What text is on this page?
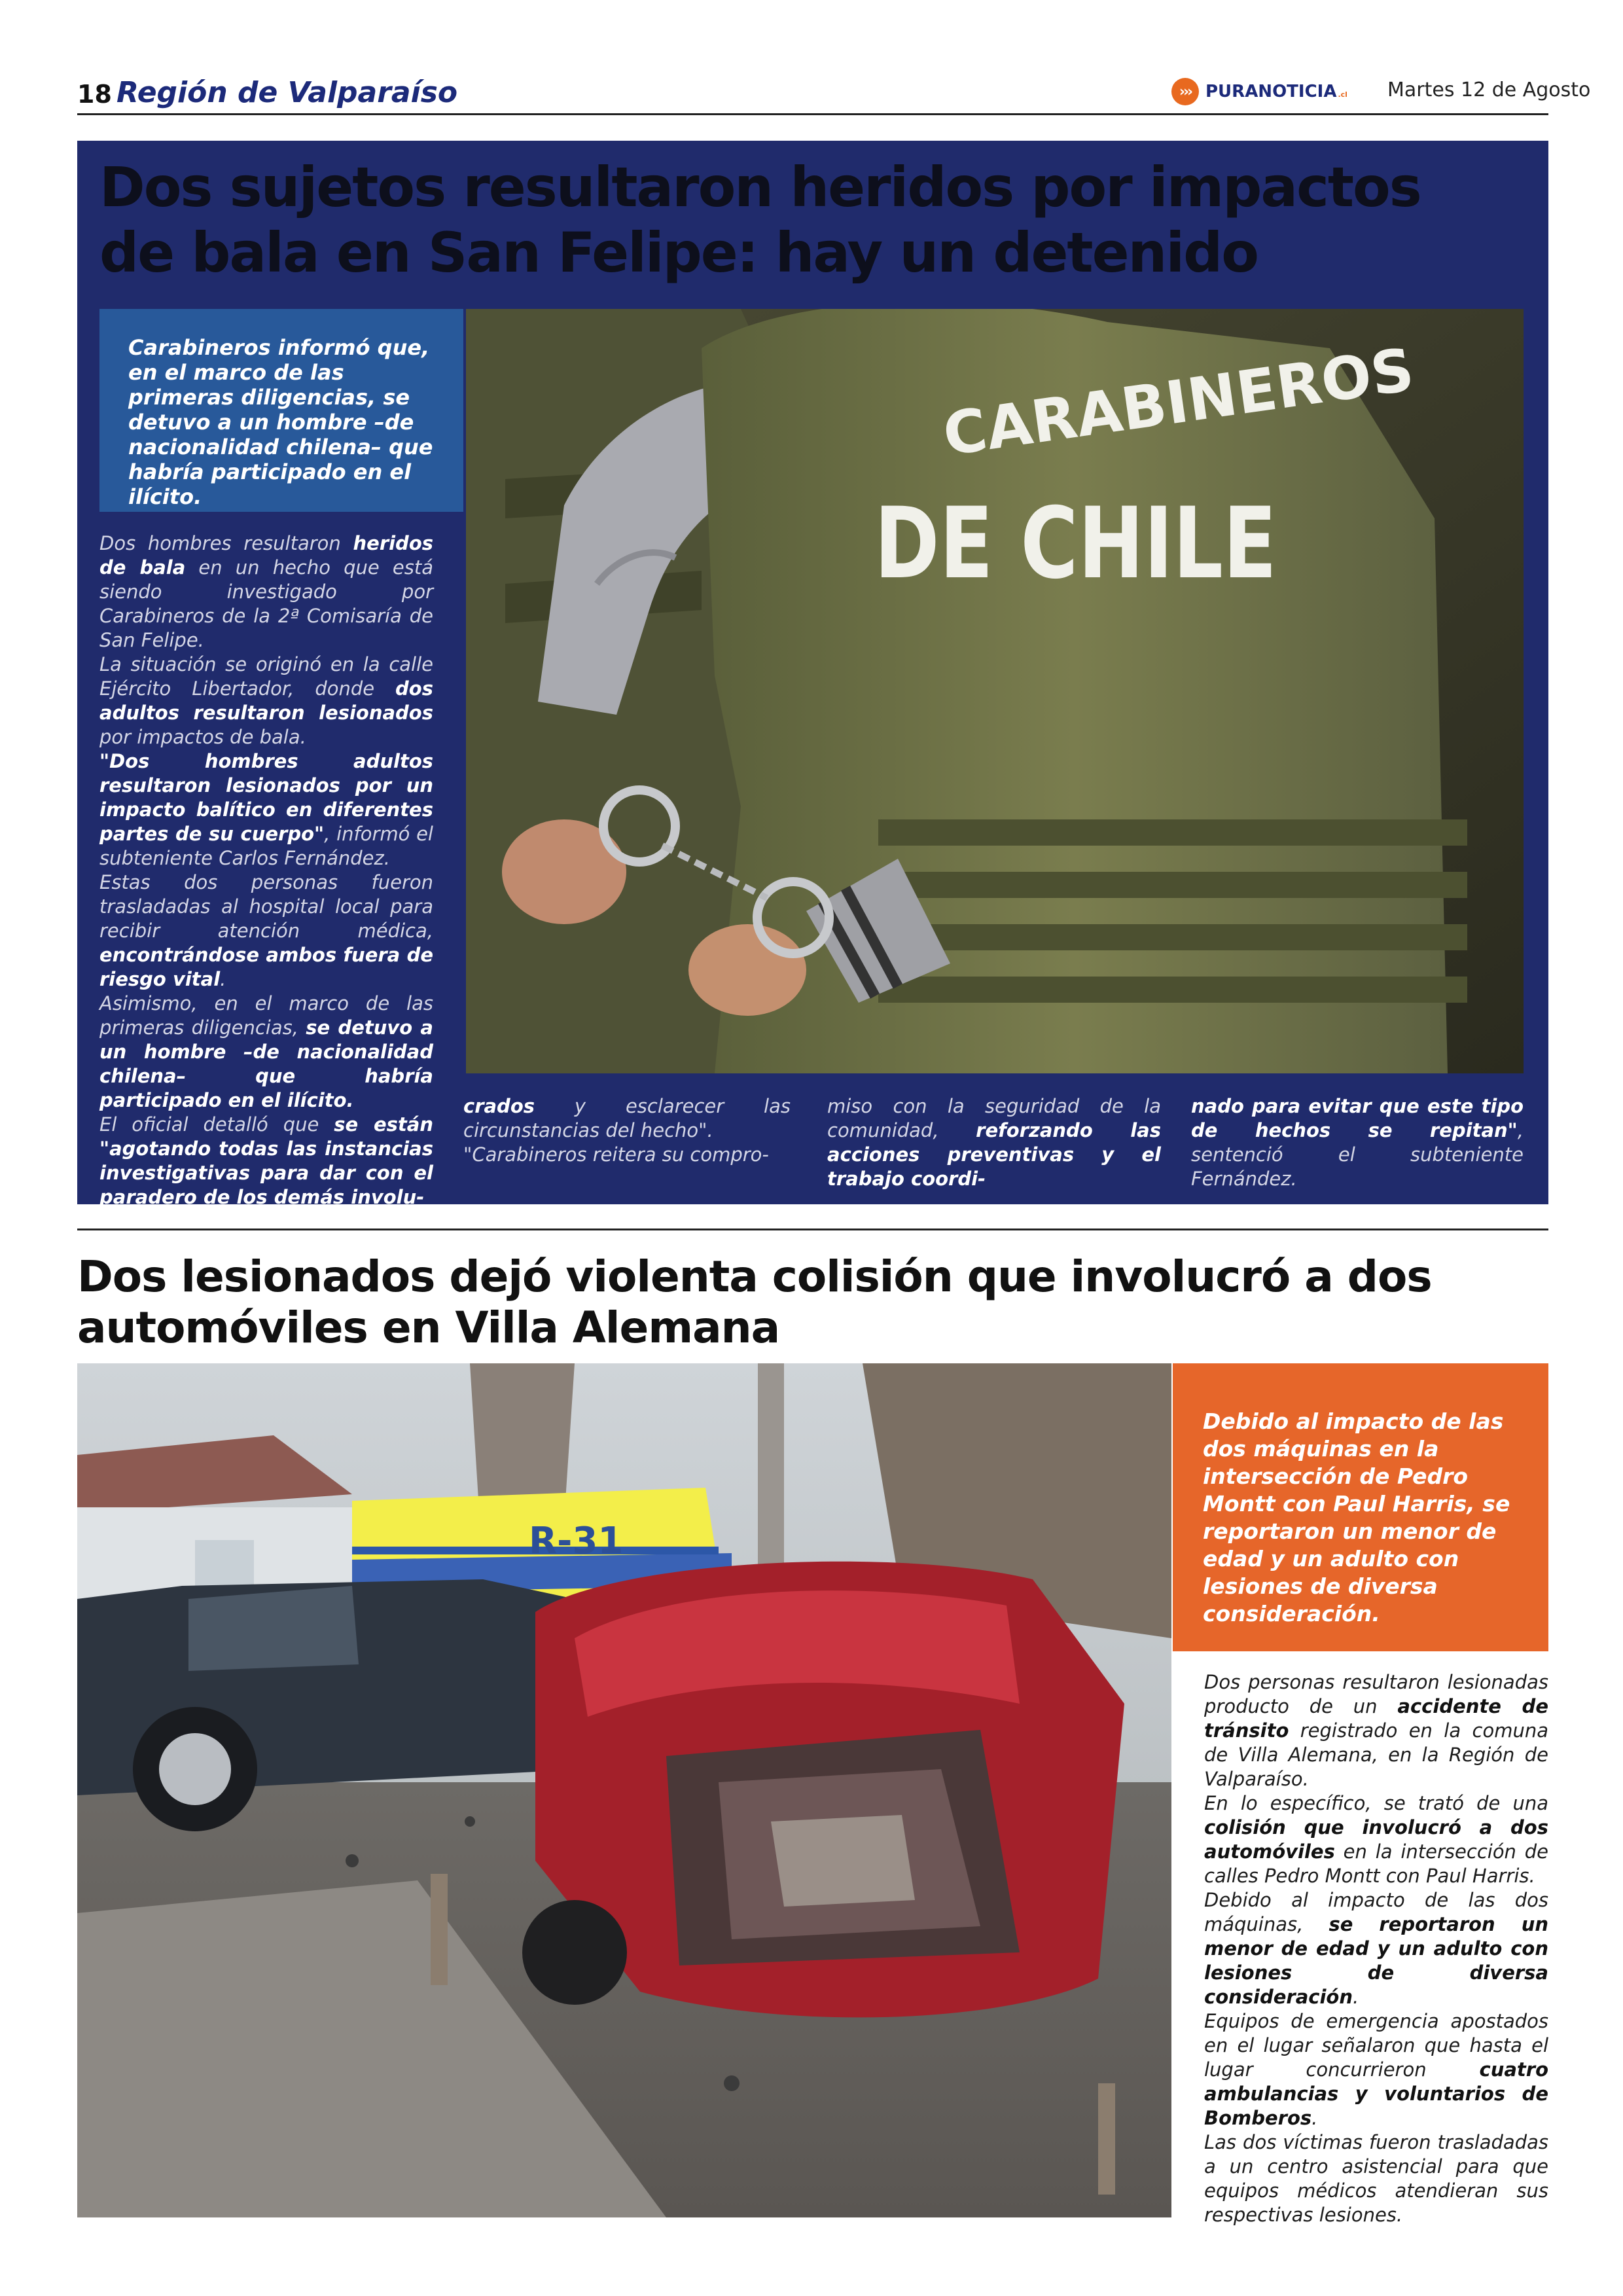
18 Región de Valparaíso	››› PURANOTICIA .cl Martes 12 de Agosto
Dos sujetos resultaron heridos por impactos de bala en San Felipe: hay un detenido

Carabineros informó que, en el marco de las primeras diligencias, se detuvo a un hombre –de nacionalidad chilena– que habría participado en el ilícito.

CARABINEROS
DE CHILE

Dos hombres resultaron heridos de bala en un hecho que está siendo investigado por Carabineros de la 2ª Comisaría de San Felipe.
La situación se originó en la calle Ejército Libertador, donde dos adultos resultaron lesionados por impactos de bala.
"Dos hombres adultos resultaron lesionados por un impacto balítico en diferentes partes de su cuerpo", informó el subteniente Carlos Fernández.
Estas dos personas fueron trasladadas al hospital local para recibir atención médica, encontrándose ambos fuera de riesgo vital.
Asimismo, en el marco de las primeras diligencias, se detuvo a un hombre –de nacionalidad chilena– que habría participado en el ilícito.
El oficial detalló que se están "agotando todas las instancias investigativas para dar con el paradero de los demás involu-

crados y esclarecer las circunstancias del hecho".
"Carabineros reitera su compro-

miso con la seguridad de la comunidad, reforzando las acciones preventivas y el trabajo coordi-

nado para evitar que este tipo de hechos se repitan", sentenció el subteniente Fernández.

Dos lesionados dejó violenta colisión que involucró a dos automóviles en Villa Alemana
R-31

Debido al impacto de las dos máquinas en la intersección de Pedro Montt con Paul Harris, se reportaron un menor de edad y un adulto con lesiones de diversa consideración.

Dos personas resultaron lesionadas producto de un accidente de tránsito registrado en la comuna de Villa Alemana, en la Región de Valparaíso.
En lo específico, se trató de una colisión que involucró a dos automóviles en la intersección de calles Pedro Montt con Paul Harris.
Debido al impacto de las dos máquinas, se reportaron un menor de edad y un adulto con lesiones de diversa consideración.
Equipos de emergencia apostados en el lugar señalaron que hasta el lugar concurrieron cuatro ambulancias y voluntarios de Bomberos.
Las dos víctimas fueron trasladadas a un centro asistencial para que equipos médicos atendieran sus respectivas lesiones.
